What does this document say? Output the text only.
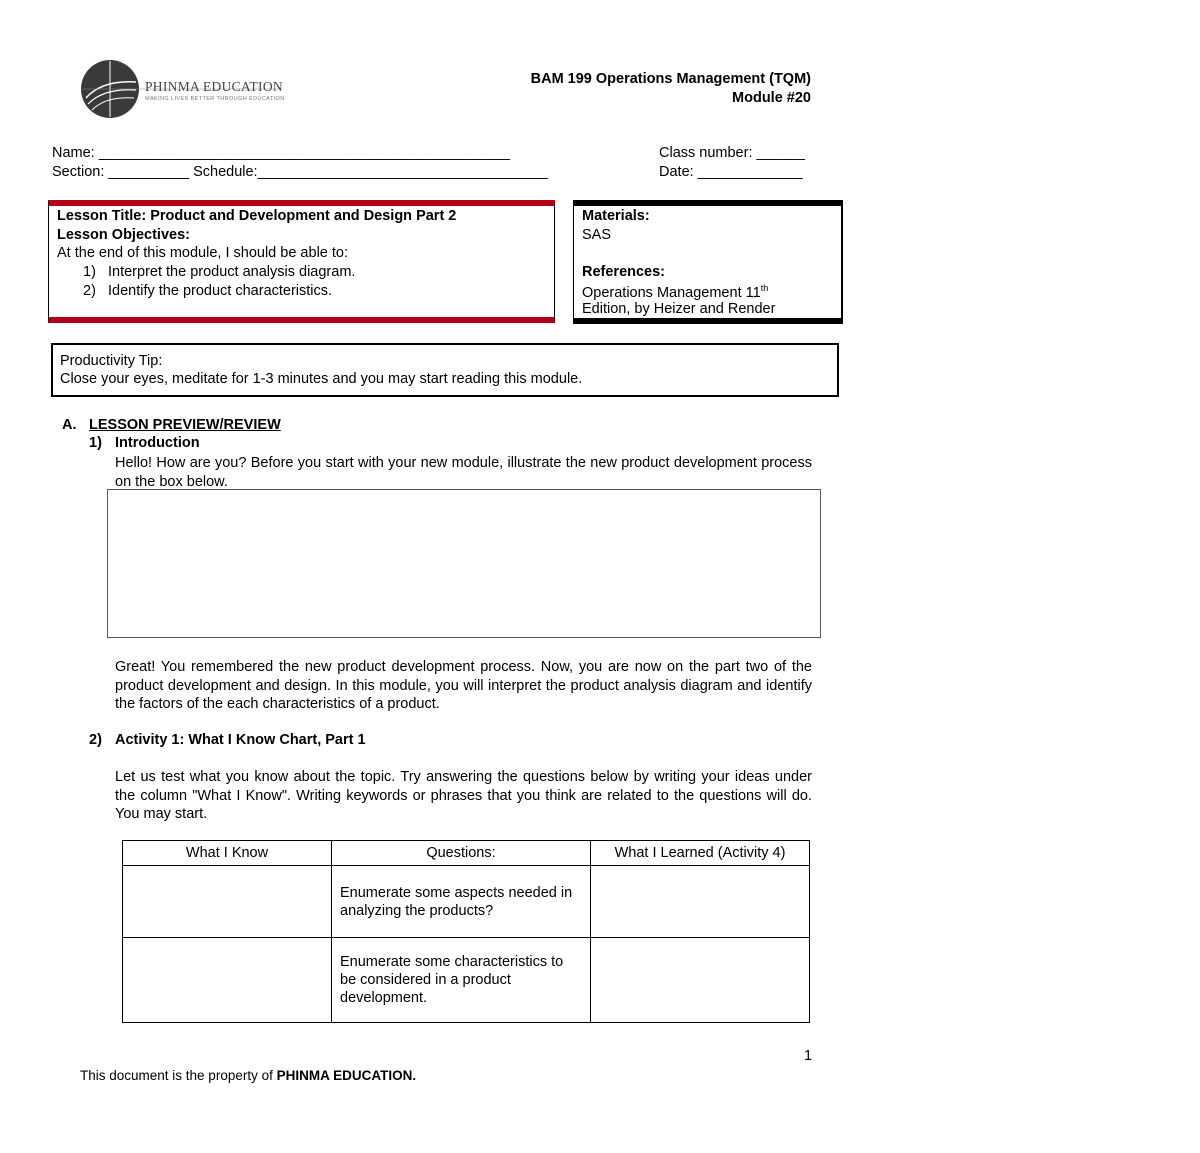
PHINMA EDUCATION
MAKING LIVES BETTER THROUGH EDUCATION
BAM 199 Operations Management (TQM)
Module #20
Name: ___________________________________________________
Section: __________ Schedule:____________________________________
Class number: ______
Date: _____________
Lesson Title: Product and Development and Design Part 2
Lesson Objectives:
At the end of this module, I should be able to:
1) Interpret the product analysis diagram.
2) Identify the product characteristics.
Materials:
SAS
References:
Operations Management 11th
Edition, by Heizer and Render
Productivity Tip:
Close your eyes, meditate for 1-3 minutes and you may start reading this module.
A. LESSON PREVIEW/REVIEW
1) Introduction
Hello! How are you? Before you start with your new module, illustrate the new product development process on the box below.
Great! You remembered the new product development process. Now, you are now on the part two of the product development and design. In this module, you will interpret the product analysis diagram and identify the factors of the each characteristics of a product.
2) Activity 1: What I Know Chart, Part 1
Let us test what you know about the topic. Try answering the questions below by writing your ideas under the column "What I Know". Writing keywords or phrases that you think are related to the questions will do. You may start.
What I Know	Questions:	What I Learned (Activity 4)
	Enumerate some aspects needed in analyzing the products?	
	Enumerate some characteristics to be considered in a product development.	
1
This document is the property of PHINMA EDUCATION.
